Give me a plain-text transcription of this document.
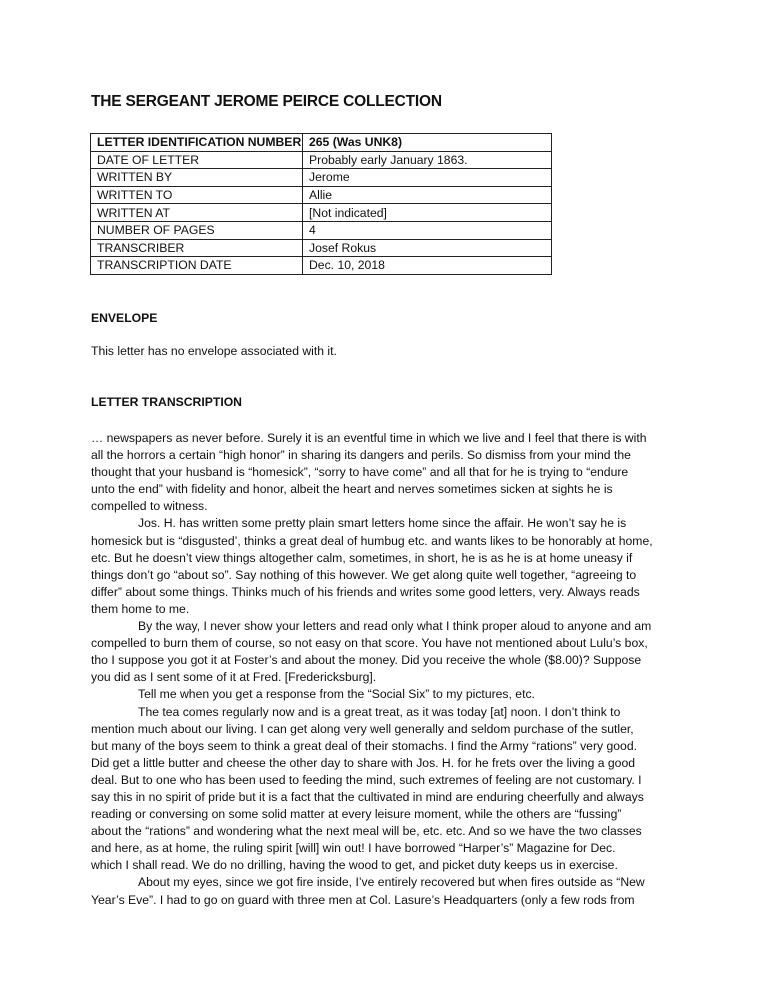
THE SERGEANT JEROME PEIRCE COLLECTION
LETTER IDENTIFICATION NUMBER	265 (Was UNK8)
DATE OF LETTER	Probably early January 1863.
WRITTEN BY	Jerome
WRITTEN TO	Allie
WRITTEN AT	[Not indicated]
NUMBER OF PAGES	4
TRANSCRIBER	Josef Rokus
TRANSCRIPTION DATE	Dec. 10, 2018
ENVELOPE
This letter has no envelope associated with it.
LETTER TRANSCRIPTION
… newspapers as never before. Surely it is an eventful time in which we live and I feel that there is with
all the horrors a certain “high honor” in sharing its dangers and perils. So dismiss from your mind the
thought that your husband is “homesick”, “sorry to have come” and all that for he is trying to “endure
unto the end” with fidelity and honor, albeit the heart and nerves sometimes sicken at sights he is
compelled to witness.
Jos. H. has written some pretty plain smart letters home since the affair. He won’t say he is
homesick but is “disgusted’, thinks a great deal of humbug etc. and wants likes to be honorably at home,
etc. But he doesn’t view things altogether calm, sometimes, in short, he is as he is at home uneasy if
things don’t go “about so”. Say nothing of this however. We get along quite well together, “agreeing to
differ” about some things. Thinks much of his friends and writes some good letters, very. Always reads
them home to me.
By the way, I never show your letters and read only what I think proper aloud to anyone and am
compelled to burn them of course, so not easy on that score. You have not mentioned about Lulu’s box,
tho I suppose you got it at Foster’s and about the money. Did you receive the whole ($8.00)? Suppose
you did as I sent some of it at Fred. [Fredericksburg].
Tell me when you get a response from the “Social Six” to my pictures, etc.
The tea comes regularly now and is a great treat, as it was today [at] noon. I don’t think to
mention much about our living. I can get along very well generally and seldom purchase of the sutler,
but many of the boys seem to think a great deal of their stomachs. I find the Army “rations” very good.
Did get a little butter and cheese the other day to share with Jos. H. for he frets over the living a good
deal. But to one who has been used to feeding the mind, such extremes of feeling are not customary. I
say this in no spirit of pride but it is a fact that the cultivated in mind are enduring cheerfully and always
reading or conversing on some solid matter at every leisure moment, while the others are “fussing”
about the “rations” and wondering what the next meal will be, etc. etc. And so we have the two classes
and here, as at home, the ruling spirit [will] win out! I have borrowed “Harper’s” Magazine for Dec.
which I shall read. We do no drilling, having the wood to get, and picket duty keeps us in exercise.
About my eyes, since we got fire inside, I’ve entirely recovered but when fires outside as “New
Year’s Eve”. I had to go on guard with three men at Col. Lasure’s Headquarters (only a few rods from
